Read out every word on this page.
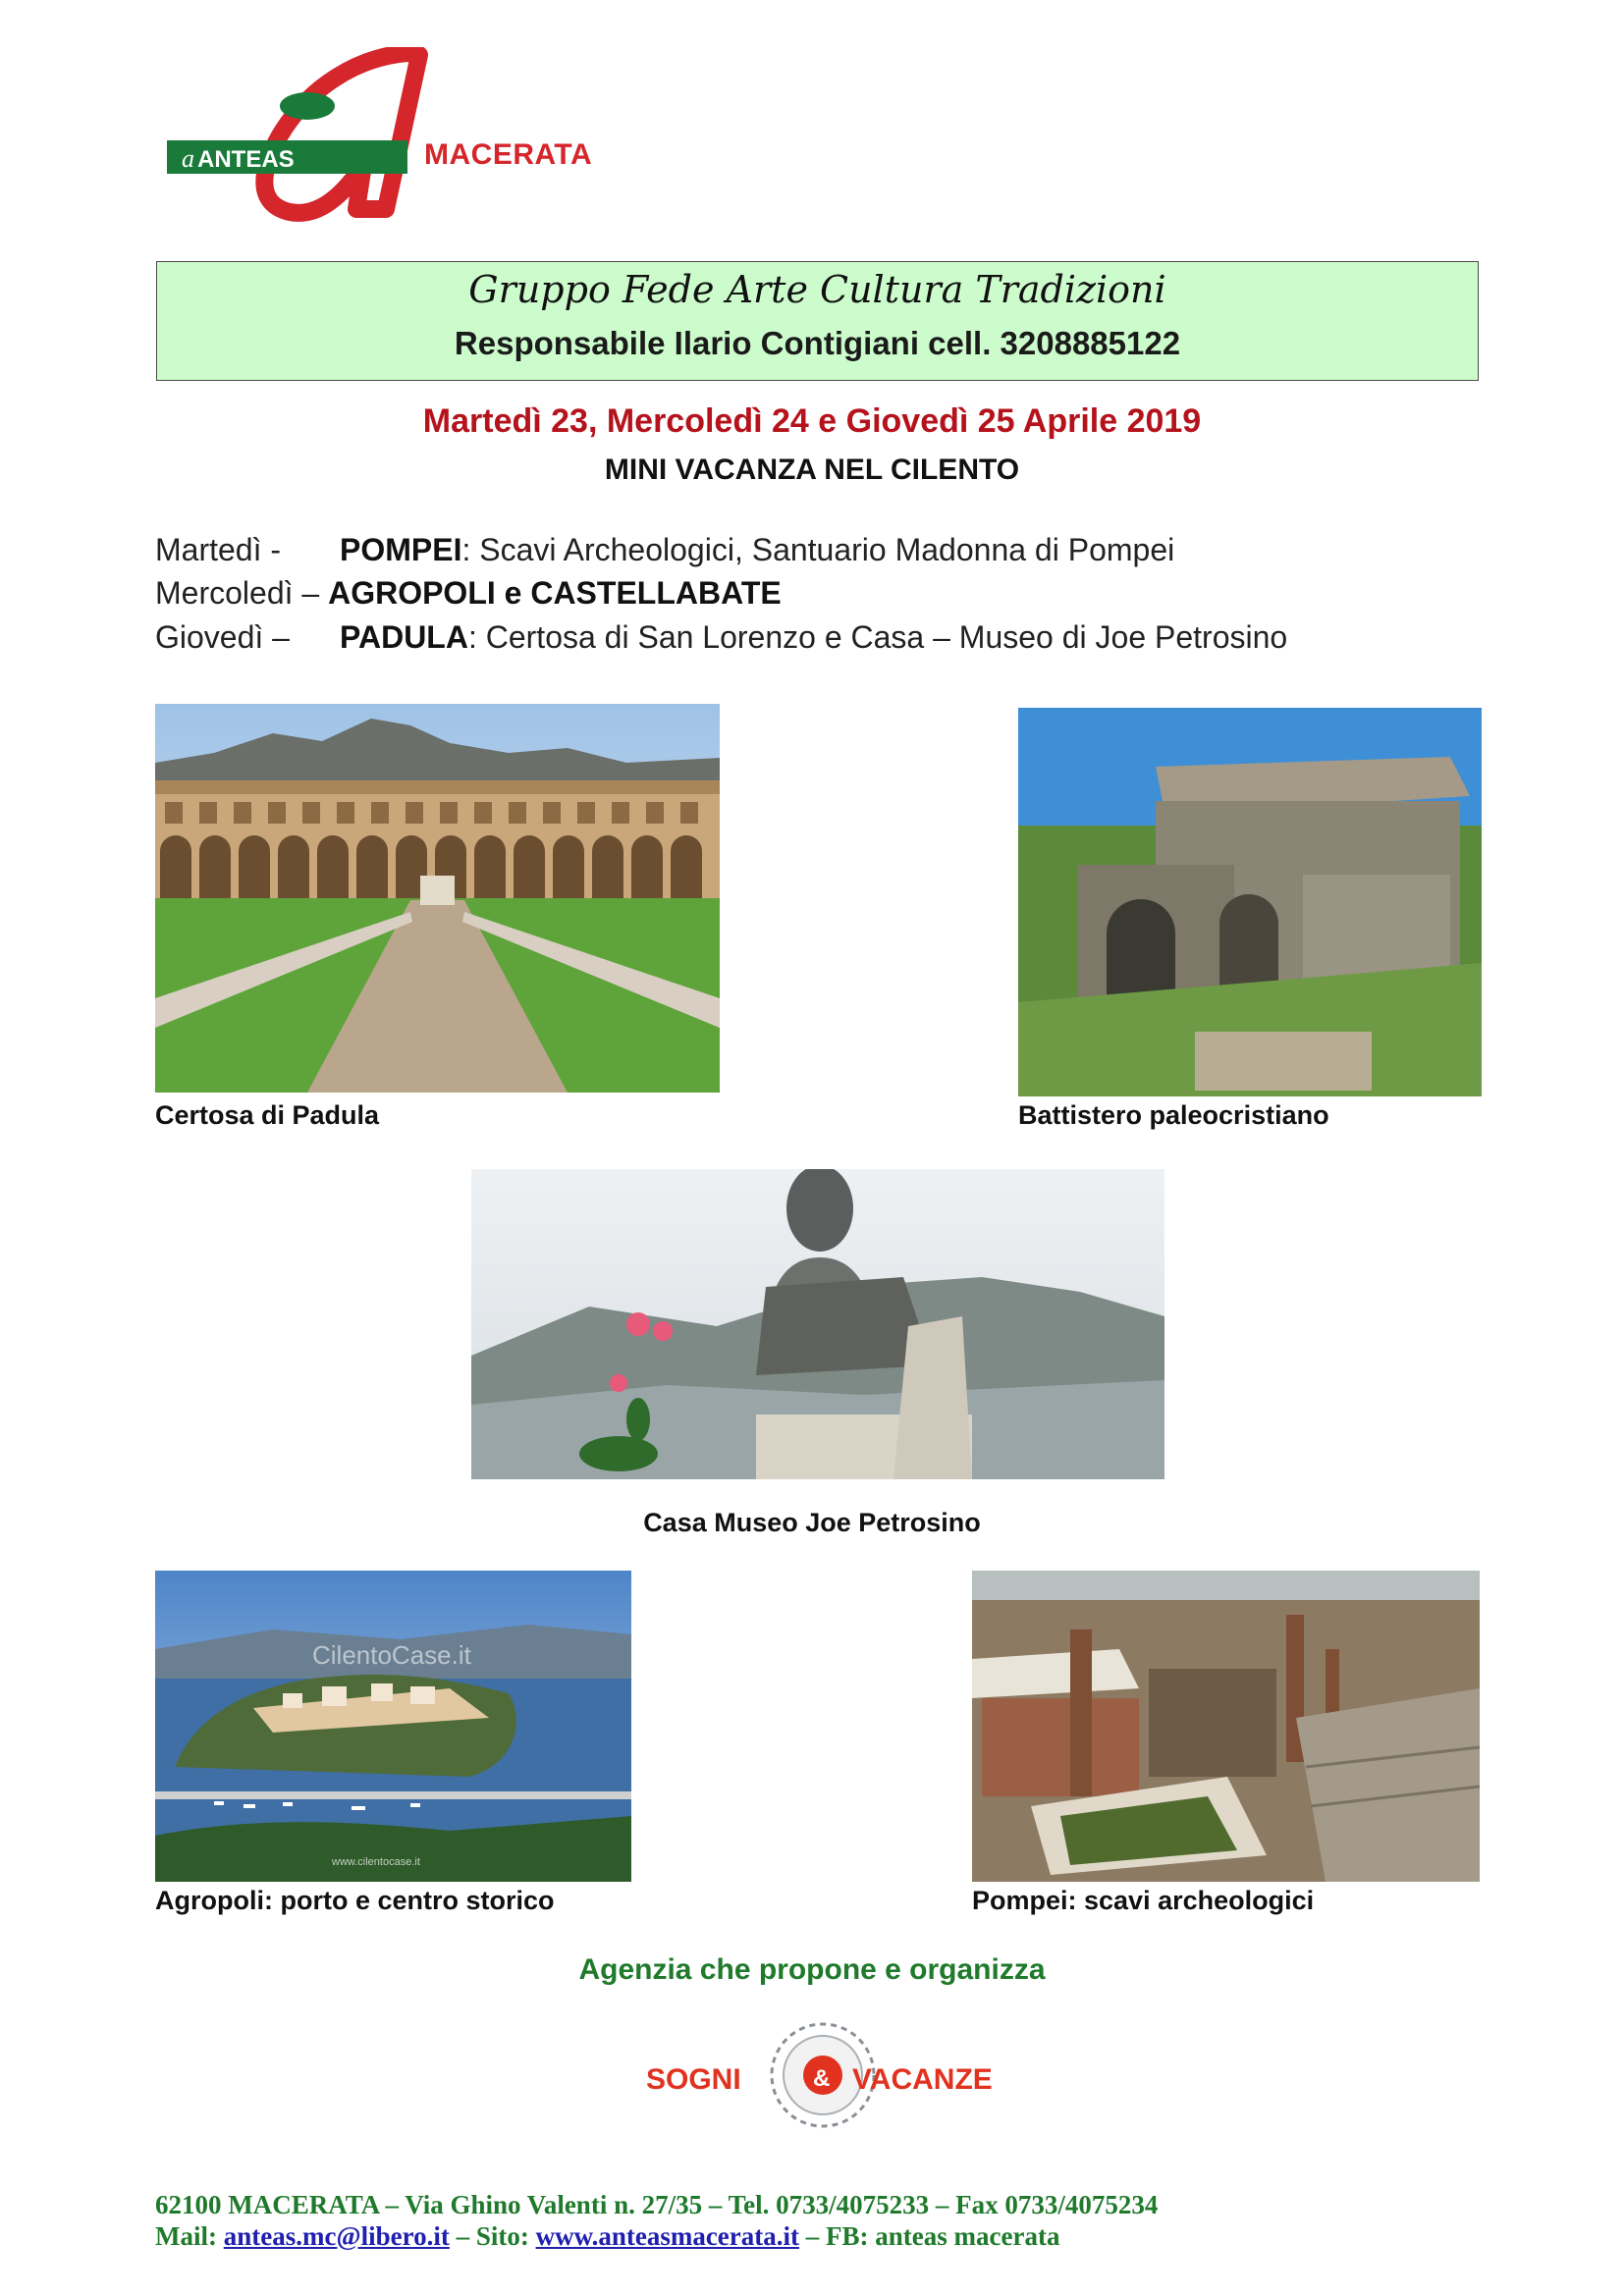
a ANTEAS	MACERATA
Gruppo Fede Arte Cultura Tradizioni
Responsabile Ilario Contigiani cell. 3208885122
Martedì 23, Mercoledì 24 e Giovedì 25 Aprile 2019
MINI VACANZA NEL CILENTO
Martedì - POMPEI: Scavi Archeologici, Santuario Madonna di Pompei
Mercoledì – AGROPOLI e CASTELLABATE
Giovedì – PADULA: Certosa di San Lorenzo e Casa – Museo di Joe Petrosino
Certosa di Padula	Battistero paleocristiano
Casa Museo Joe Petrosino
CilentoCase.it
www.cilentocase.it
Agropoli: porto e centro storico	Pompei: scavi archeologici
Agenzia che propone e organizza
SOGNI	& VACANZE
62100 MACERATA – Via Ghino Valenti n. 27/35 – Tel. 0733/4075233 – Fax 0733/4075234
Mail: anteas.mc@libero.it – Sito: www.anteasmacerata.it – FB: anteas macerata
